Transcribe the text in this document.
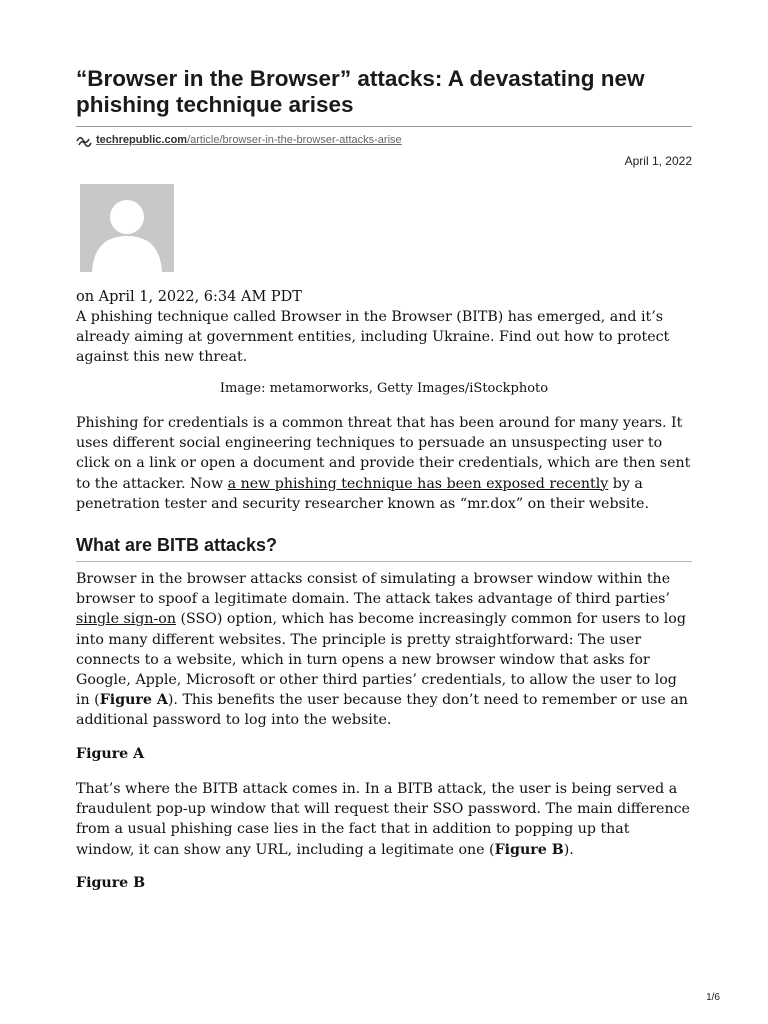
“Browser in the Browser” attacks: A devastating new phishing technique arises
techrepublic.com/article/browser-in-the-browser-attacks-arise
April 1, 2022
on April 1, 2022, 6:34 AM PDT

A phishing technique called Browser in the Browser (BITB) has emerged, and it’s already aiming at government entities, including Ukraine. Find out how to protect against this new threat.

Image: metamorworks, Getty Images/iStockphoto

Phishing for credentials is a common threat that has been around for many years. It uses different social engineering techniques to persuade an unsuspecting user to click on a link or open a document and provide their credentials, which are then sent to the attacker. Now a new phishing technique has been exposed recently by a penetration tester and security researcher known as “mr.dox” on their website.

What are BITB attacks?

Browser in the browser attacks consist of simulating a browser window within the browser to spoof a legitimate domain. The attack takes advantage of third parties’ single sign-on (SSO) option, which has become increasingly common for users to log into many different websites. The principle is pretty straightforward: The user connects to a website, which in turn opens a new browser window that asks for Google, Apple, Microsoft or other third parties’ credentials, to allow the user to log in (Figure A). This benefits the user because they don’t need to remember or use an additional password to log into the website.

Figure A

That’s where the BITB attack comes in. In a BITB attack, the user is being served a fraudulent pop-up window that will request their SSO password. The main difference from a usual phishing case lies in the fact that in addition to popping up that window, it can show any URL, including a legitimate one (Figure B).

Figure B
1/6
